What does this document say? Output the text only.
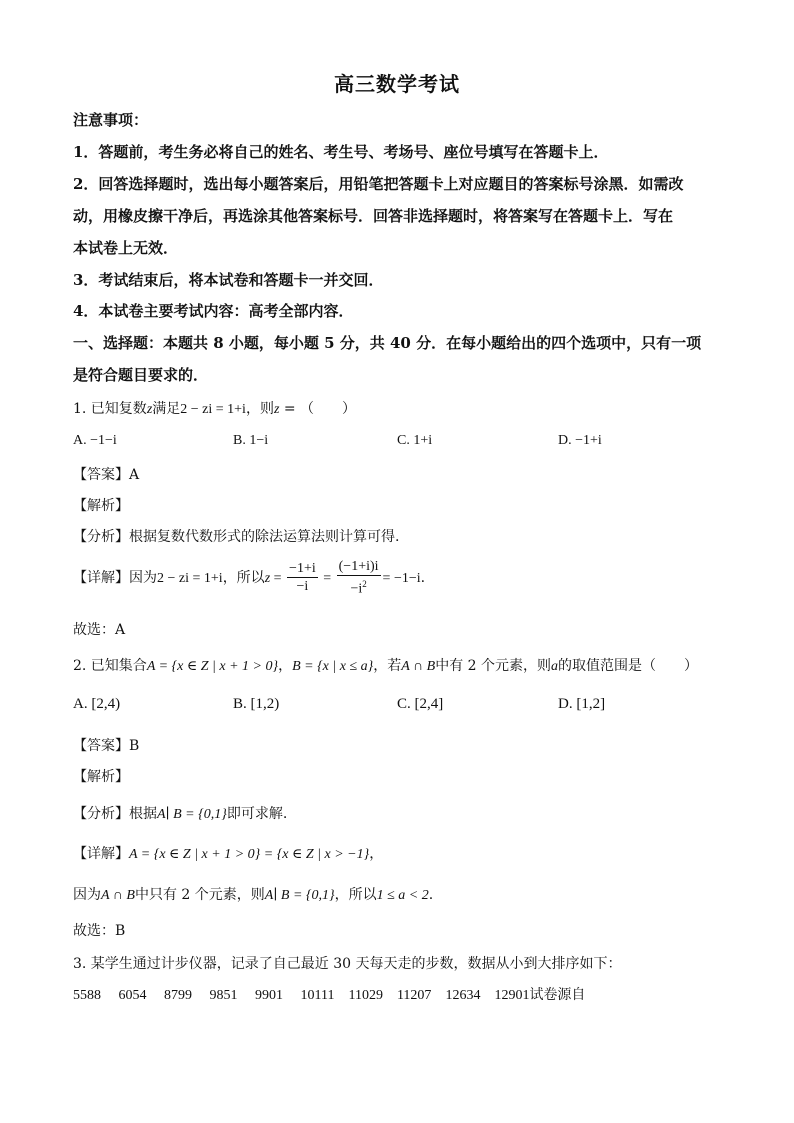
高三数学考试
注意事项：
1．答题前，考生务必将自己的姓名、考生号、考场号、座位号填写在答题卡上．
2．回答选择题时，选出每小题答案后，用铅笔把答题卡上对应题目的答案标号涂黑．如需改
动，用橡皮擦干净后，再选涂其他答案标号．回答非选择题时，将答案写在答题卡上．写在
本试卷上无效．
3．考试结束后，将本试卷和答题卡一并交回．
4．本试卷主要考试内容：高考全部内容．
一、选择题：本题共 8 小题，每小题 5 分，共 40 分．在每小题给出的四个选项中，只有一项
是符合题目要求的．
1. 已知复数z满足2 − zi = 1+i，则z = （　　）
A. −1−i	B. 1−i	C. 1+i	D. −1+i
【答案】A
【解析】
【分析】根据复数代数形式的除法运算法则计算可得.
【详解】因为2 − zi = 1+i，所以$z = \frac{-1+i}{-i} = \frac{(-1+i)i}{-i^2} = -1-i$.
故选：A
2. 已知集合A = {x ∈ Z | x + 1 > 0}，B = {x | x ≤ a}，若A ∩ B中有 2 个元素，则a的取值范围是（　　）
A. [2,4)	B. [1,2)	C. [2,4]	D. [1,2]
【答案】B
【解析】
【分析】根据A∣ B = {0,1}即可求解.
【详解】A = {x ∈ Z | x + 1 > 0} = {x ∈ Z | x > −1}，
因为A ∩ B中只有 2 个元素，则A∣ B = {0,1}，所以1 ≤ a < 2.
故选：B
3. 某学生通过计步仪器，记录了自己最近 30 天每天走的步数，数据从小到大排序如下：
5588 6054 8799 9851 9901 10111 11029 11207 12634 12901试卷源自
